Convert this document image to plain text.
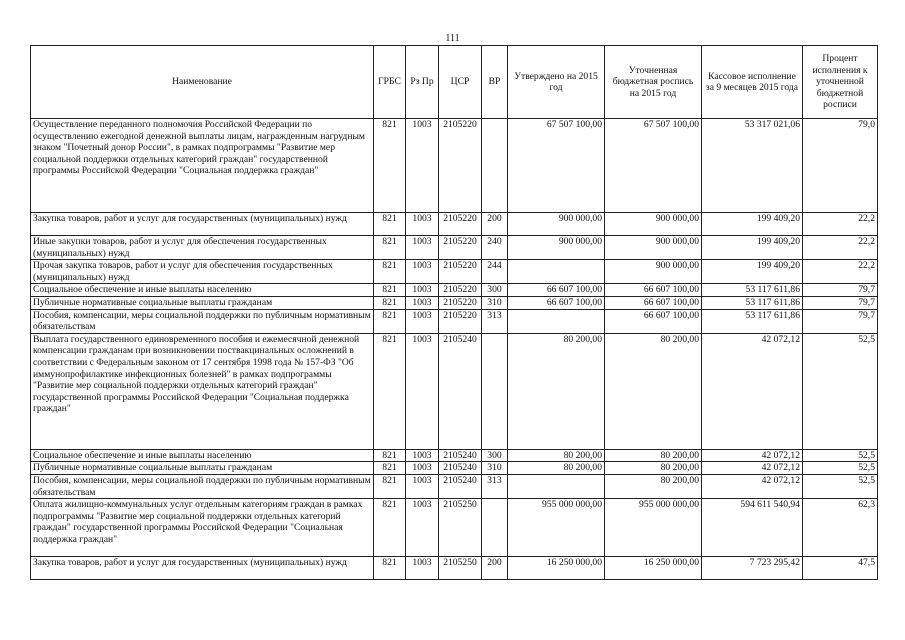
111
Наименование	ГРБС	Рз Пр	ЦСР	ВР	Утверждено на 2015 год	Уточненная бюджетная роспись на 2015 год	Кассовое исполнение за 9 месяцев 2015 года	Процент исполнения к уточненной бюджетной росписи
Осуществление переданного полномочия Российской Федерации по осуществлению ежегодной денежной выплаты лицам, награжденным нагрудным знаком "Почетный донор России", в рамках подпрограммы "Развитие мер социальной поддержки отдельных категорий граждан" государственной программы Российской Федерации "Социальная поддержка граждан"	821	1003	2105220		67 507 100,00	67 507 100,00	53 317 021,06	79,0
Закупка товаров, работ и услуг для государственных (муниципальных) нужд	821	1003	2105220	200	900 000,00	900 000,00	199 409,20	22,2
Иные закупки товаров, работ и услуг для обеспечения государственных (муниципальных) нужд	821	1003	2105220	240	900 000,00	900 000,00	199 409,20	22,2
Прочая закупка товаров, работ и услуг для обеспечения государственных (муниципальных) нужд	821	1003	2105220	244		900 000,00	199 409,20	22,2
Социальное обеспечение и иные выплаты населению	821	1003	2105220	300	66 607 100,00	66 607 100,00	53 117 611,86	79,7
Публичные нормативные социальные выплаты гражданам	821	1003	2105220	310	66 607 100,00	66 607 100,00	53 117 611,86	79,7
Пособия, компенсации, меры социальной поддержки по публичным нормативным обязательствам	821	1003	2105220	313		66 607 100,00	53 117 611,86	79,7
Выплата государственного единовременного пособия и ежемесячной денежной компенсации гражданам при возникновении поствакцинальных осложнений в соответствии с Федеральным законом от 17 сентября 1998 года № 157-ФЗ "Об иммунопрофилактике инфекционных болезней" в рамках подпрограммы "Развитие мер социальной поддержки отдельных категорий граждан" государственной программы Российской Федерации "Социальная поддержка граждан"	821	1003	2105240		80 200,00	80 200,00	42 072,12	52,5
Социальное обеспечение и иные выплаты населению	821	1003	2105240	300	80 200,00	80 200,00	42 072,12	52,5
Публичные нормативные социальные выплаты гражданам	821	1003	2105240	310	80 200,00	80 200,00	42 072,12	52,5
Пособия, компенсации, меры социальной поддержки по публичным нормативным обязательствам	821	1003	2105240	313		80 200,00	42 072,12	52,5
Оплата жилищно-коммунальных услуг отдельным категориям граждан в рамках подпрограммы "Развитие мер социальной поддержки отдельных категорий граждан" государственной программы Российской Федерации "Социальная поддержка граждан"	821	1003	2105250		955 000 000,00	955 000 000,00	594 611 540,94	62,3
Закупка товаров, работ и услуг для государственных (муниципальных) нужд	821	1003	2105250	200	16 250 000,00	16 250 000,00	7 723 295,42	47,5
